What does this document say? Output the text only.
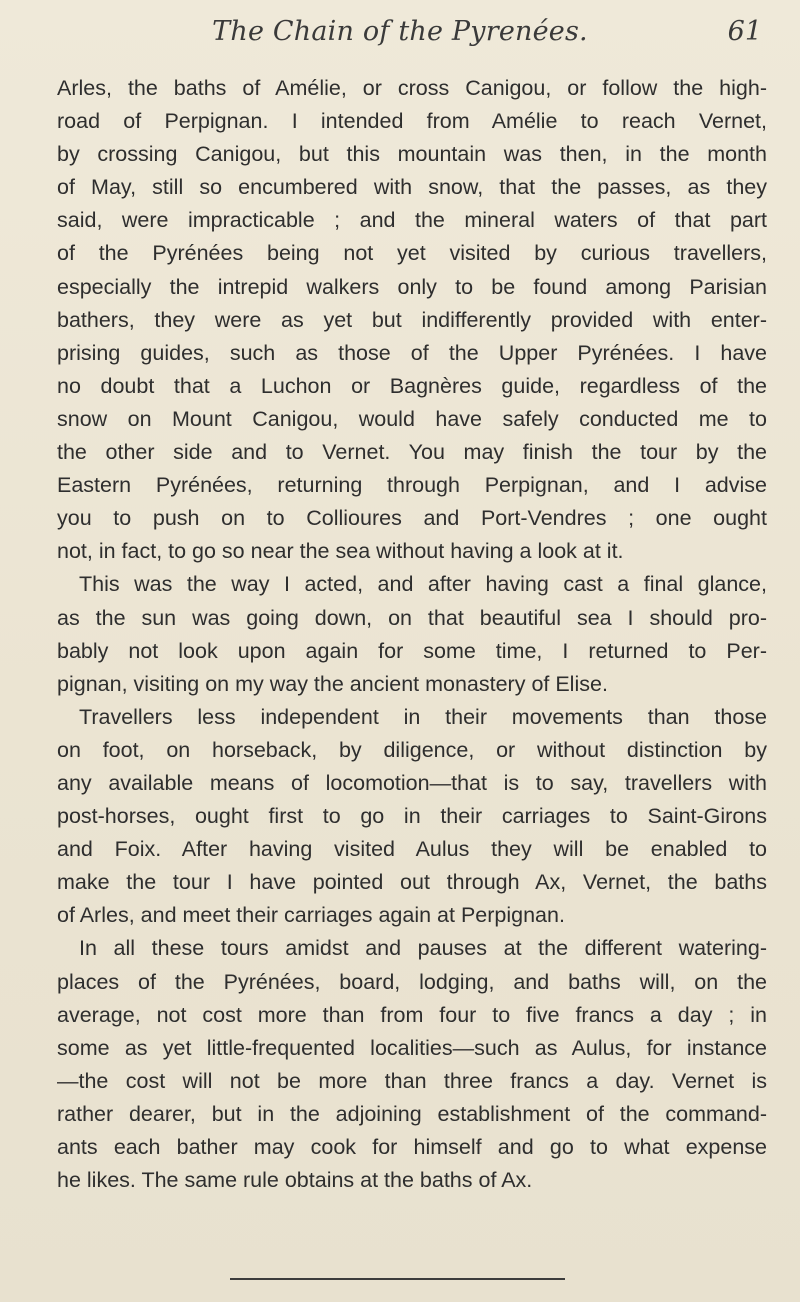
The Chain of the Pyrenées.	61
Arles, the baths of Amélie, or cross Canigou, or follow the high-
road of Perpignan. I intended from Amélie to reach Vernet,
by crossing Canigou, but this mountain was then, in the month
of May, still so encumbered with snow, that the passes, as they
said, were impracticable ; and the mineral waters of that part
of the Pyrénées being not yet visited by curious travellers,
especially the intrepid walkers only to be found among Parisian
bathers, they were as yet but indifferently provided with enter-
prising guides, such as those of the Upper Pyrénées. I have
no doubt that a Luchon or Bagnères guide, regardless of the
snow on Mount Canigou, would have safely conducted me to
the other side and to Vernet. You may finish the tour by the
Eastern Pyrénées, returning through Perpignan, and I advise
you to push on to Collioures and Port-Vendres ; one ought
not, in fact, to go so near the sea without having a look at it.
This was the way I acted, and after having cast a final glance,
as the sun was going down, on that beautiful sea I should pro-
bably not look upon again for some time, I returned to Per-
pignan, visiting on my way the ancient monastery of Elise.
Travellers less independent in their movements than those
on foot, on horseback, by diligence, or without distinction by
any available means of locomotion—that is to say, travellers with
post-horses, ought first to go in their carriages to Saint-Girons
and Foix. After having visited Aulus they will be enabled to
make the tour I have pointed out through Ax, Vernet, the baths
of Arles, and meet their carriages again at Perpignan.
In all these tours amidst and pauses at the different watering-
places of the Pyrénées, board, lodging, and baths will, on the
average, not cost more than from four to five francs a day ; in
some as yet little-frequented localities—such as Aulus, for instance
—the cost will not be more than three francs a day. Vernet is
rather dearer, but in the adjoining establishment of the command-
ants each bather may cook for himself and go to what expense
he likes. The same rule obtains at the baths of Ax.
